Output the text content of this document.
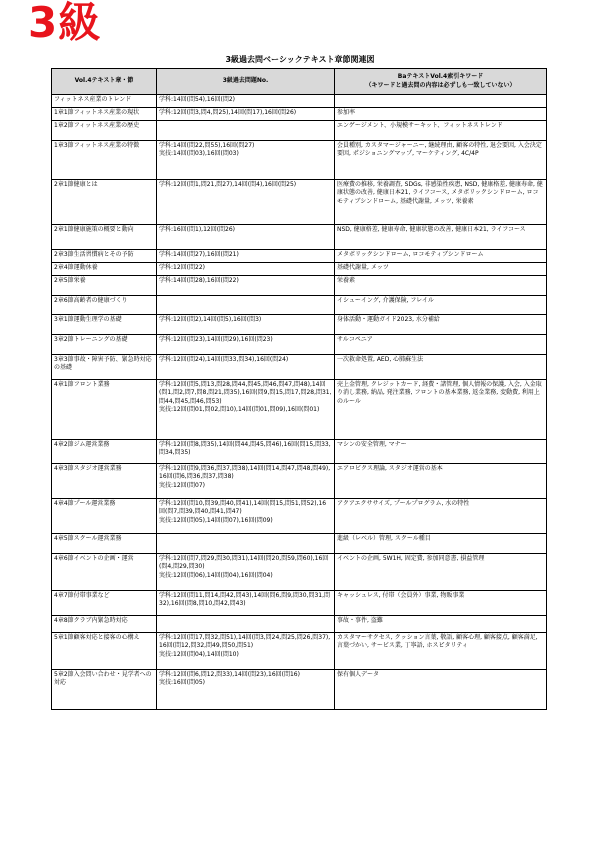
3級
3級過去問ベーシックテキスト章節関連図
Vol.4テキスト章・節	3級過去問題No.	BaテキストVol.4索引キワード
（キワードと過去問の内容は必ずしも一致していない）

フィットネス産業のトレンド	学科:14回(問54),16回(問2)	

1章1節フィットネス産業の現状	学科:12回(問3,問4,問25),14回(問17),16回(問26)	参加率
1章2節フィットネス産業の歴史		エンゲージメント、小規模サーキット、フィットネストレンド
1章3節フィットネス産業の特徴	学科:14回(問22,問55),16回(問27)
実技:14回(問03),16回(問03)	会員種別, カスタマージャーニー, 継続理由, 顧客の特性, 退会要因, 入会決定要因, ポジショニングマップ, マーケティング, 4C/4P
2章1節健康とは	学科:12回(問1,問21,問27),14回(問4),16回(問25)	医療費の推移, 栄養調査, SDGs, 非感染性疾患, NSD, 健康格差, 健康寿命, 健康状態の改善, 健康日本21, ライフコース, メタボリックシンドローム, ロコモティブシンドローム, 基礎代謝量, メッツ, 栄養素
2章1節健康施策の概要と動向	学科:16回(問1),12回(問26)	NSD, 健康格差, 健康寿命, 健康状態の改善, 健康日本21, ライフコース
2章3節生活習慣病とその予防	学科:14回(問27),16回(問21)	メタボリックシンドローム, ロコモティブシンドローム
2章4節運動休養	学科:12回(問22)	基礎代謝量, メッツ
2章5節栄養	学科:14回(問28),16回(問22)	栄養素
2章6節高齢者の健康づくり		イシューイング, 介護保険, フレイル
3章1節運動生理学の基礎	学科:12回(問2),14回(問5),16回(問3)	身体活動・運動ガイド2023, 水分補給
3章2節トレーニングの基礎	学科:12回(問23),14回(問29),16回(問23)	サルコペニア
3章3節事故・障害予防、緊急時対応の基礎	学科:12回(問24),14回(問33,問34),16回(問24)	一次救命処置, AED, 心肺蘇生法
4章1節フロント業務	学科:12回(問5,問13,問28,問44,問45,問46,問47,問48),14回(問1,問2,問7,問8,問21,問35),16回(問9,問15,問17,問28,問31,問44,問45,問46,問53)
実技:12回(問01,問02,問10),14回(問01,問09),16回(問01)	売上金管理, クレジットカード, 経費・諸管理, 個人情報の保護, 入会, 入金取り消し業務, 納品, 発注業務, フロントの基本業務, 返金業務, 変動費, 利用上のルール
4章2節ジム運営業務	学科:12回(問8,問35),14回(問44,問45,問46),16回(問15,問33,問34,問35)	マシンの安全管理, マナー
4章3節スタジオ運営業務	学科:12回(問9,問36,問37,問38),14回(問14,問47,問48,問49),16回(問6,問36,問37,問38)
実技:12回(問07)	エアロビクス理論, スタジオ運営の基本
4章4節プール運営業務	学科:12回(問10,問39,問40,問41),14回(問15,問51,問52),16回(問7,問39,問40,問41,問47)
実技:12回(問05),14回(問07),16回(問09)	アクアエクササイズ, プールプログラム, 水の特性
4章5節スクール運営業務		進級（レベル）管理, スクール種目
4章6節イベントの企画・運営	学科:12回(問7,問29,問30,問31),14回(問20,問59,問60),16回(問4,問29,問30)
実技:12回(問06),14回(問04),16回(問04)	イベントの企画, 5W1H, 固定費, 参加同意書, 損益管理
4章7節付帯事業など	学科:12回(問11,問14,問42,問43),14回(問6,問9,問30,問31,問32),16回(問8,問10,問42,問43)	キャッシュレス, 付帯（会員外）事業, 物販事業
4章8節クラブ内緊急時対応		事故・事件, 盗難
5章1節顧客対応と接客の心構え	学科:12回(問17,問32,問51),14回(問3,問24,問25,問26,問37),16回(問12,問32,問49,問50,問51)
実技:12回(問04),14回(問10)	カスタマーサクセス, クッション言葉, 敬語, 顧客心理, 顧客接点, 顧客満足, 言葉づかい, サービス業, 丁寧語, ホスピタリティ
5章2節入会問い合わせ・見学者への対応	学科:12回(問6,問12,問33),14回(問23),16回(問16)
実技:16回(問05)	保有個人データ
